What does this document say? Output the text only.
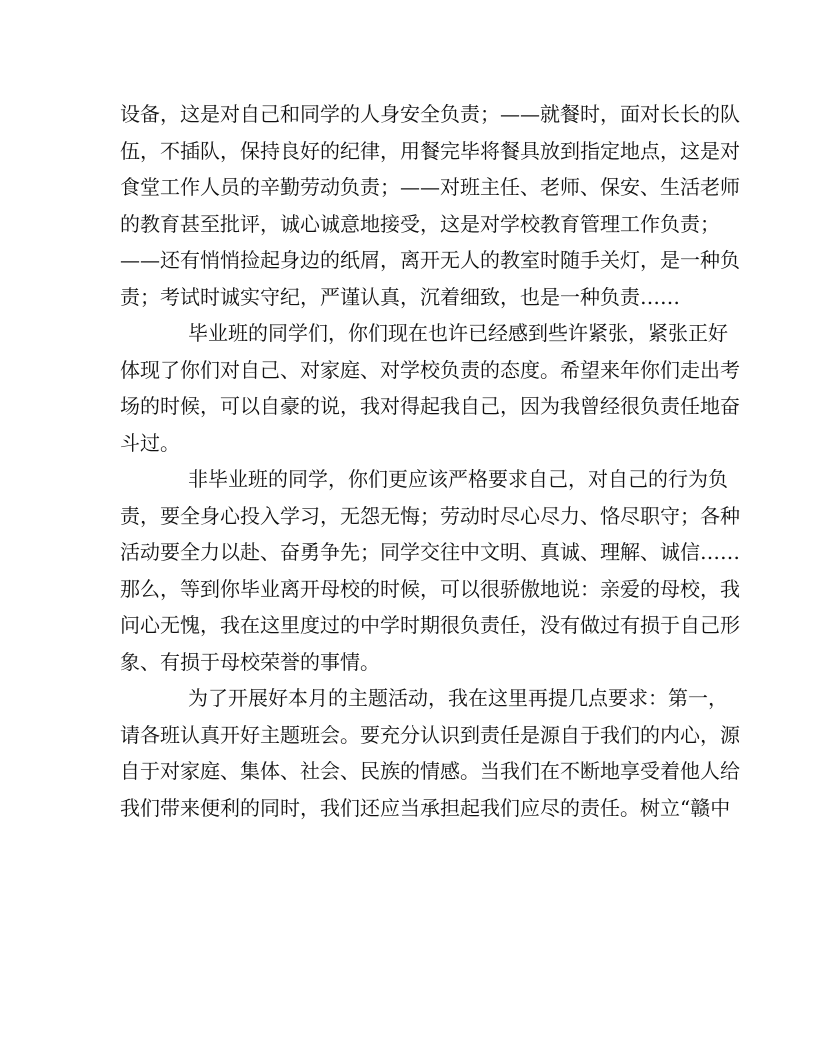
设备，这是对自己和同学的人身安全负责；——就餐时，面对长长的队
伍，不插队，保持良好的纪律，用餐完毕将餐具放到指定地点，这是对
食堂工作人员的辛勤劳动负责；——对班主任、老师、保安、生活老师
的教育甚至批评，诚心诚意地接受，这是对学校教育管理工作负责；
——还有悄悄捡起身边的纸屑，离开无人的教室时随手关灯，是一种负
责；考试时诚实守纪，严谨认真，沉着细致，也是一种负责……
毕业班的同学们，你们现在也许已经感到些许紧张，紧张正好
体现了你们对自己、对家庭、对学校负责的态度。希望来年你们走出考
场的时候，可以自豪的说，我对得起我自己，因为我曾经很负责任地奋
斗过。
非毕业班的同学，你们更应该严格要求自己，对自己的行为负
责，要全身心投入学习，无怨无悔；劳动时尽心尽力、恪尽职守；各种
活动要全力以赴、奋勇争先；同学交往中文明、真诚、理解、诚信……
那么，等到你毕业离开母校的时候，可以很骄傲地说：亲爱的母校，我
问心无愧，我在这里度过的中学时期很负责任，没有做过有损于自己形
象、有损于母校荣誉的事情。
为了开展好本月的主题活动，我在这里再提几点要求：第一，
请各班认真开好主题班会。要充分认识到责任是源自于我们的内心，源
自于对家庭、集体、社会、民族的情感。当我们在不断地享受着他人给
我们带来便利的同时，我们还应当承担起我们应尽的责任。树立“赣中
